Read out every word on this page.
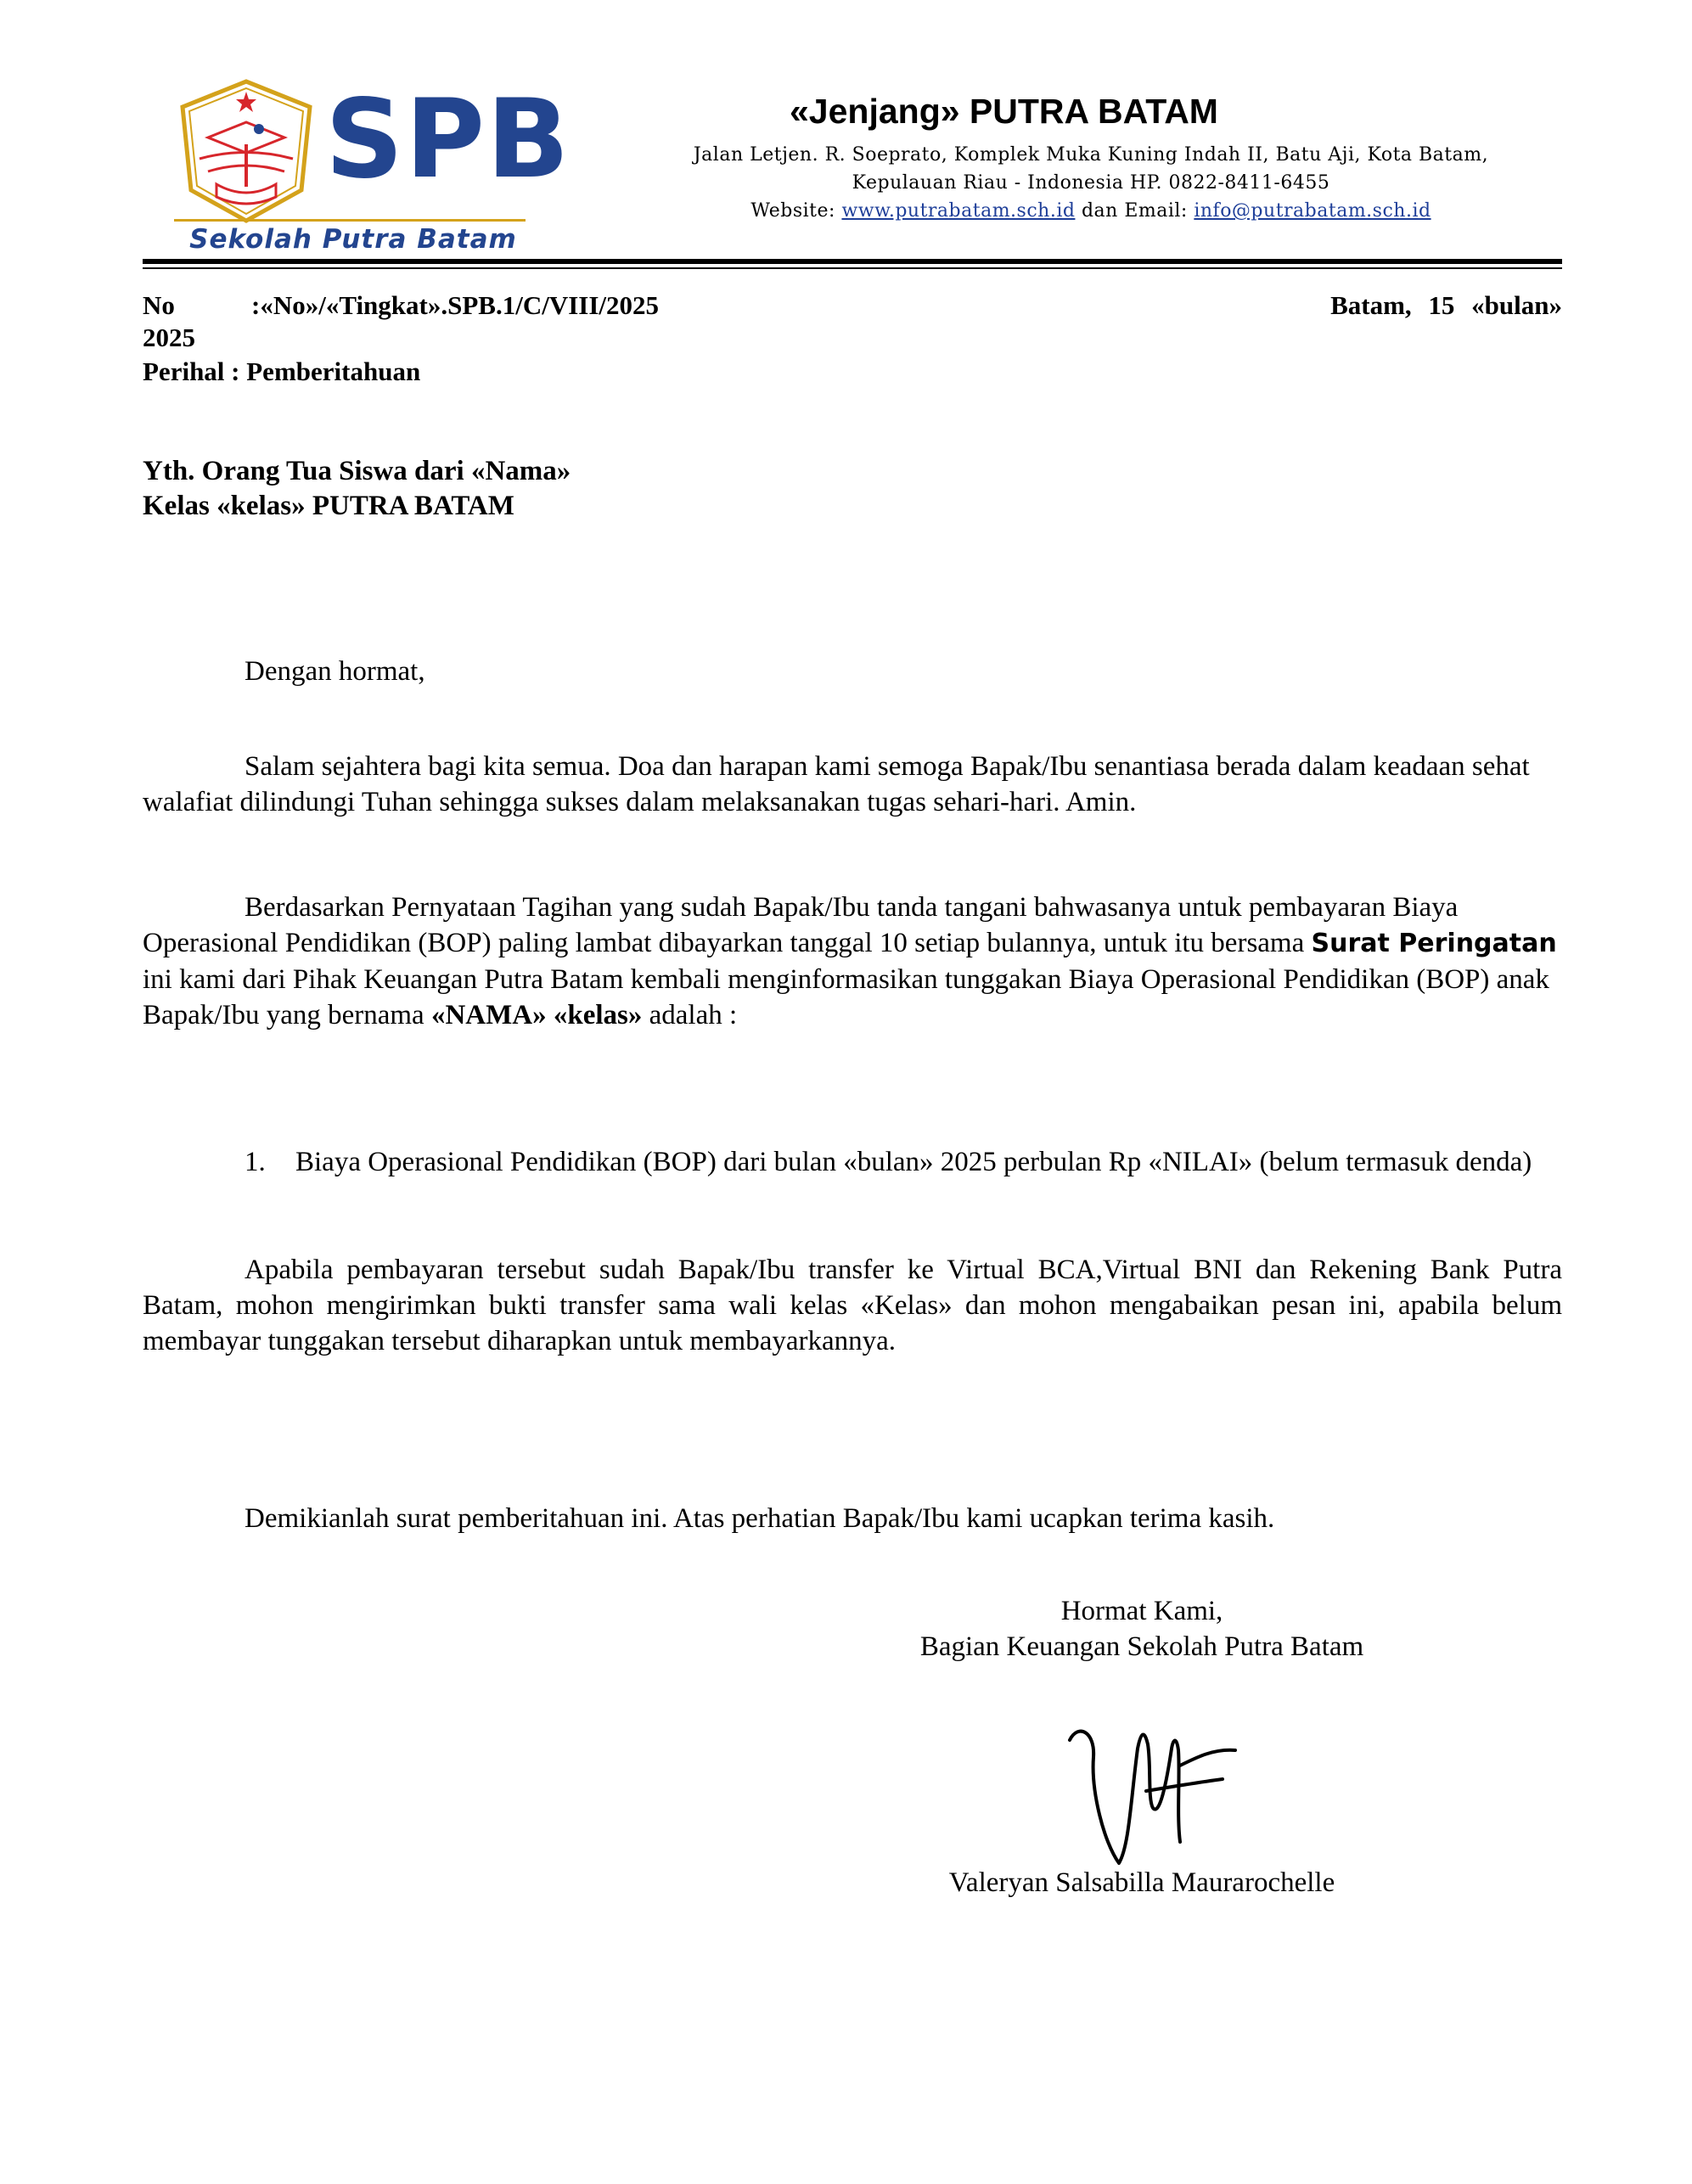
SPB
Sekolah Putra Batam
«Jenjang» PUTRA BATAM
Jalan Letjen. R. Soeprato, Komplek Muka Kuning Indah II, Batu Aji, Kota Batam,
Kepulauan Riau - Indonesia HP. 0822-8411-6455
Website: www.putrabatam.sch.id dan Email: info@putrabatam.sch.id
No	:«No»/«Tingkat».SPB.1/C/VIII/2025	Batam, 15 «bulan»
2025
Perihal : Pemberitahuan
Yth. Orang Tua Siswa dari «Nama»
Kelas «kelas» PUTRA BATAM

Dengan hormat,

Salam sejahtera bagi kita semua. Doa dan harapan kami semoga Bapak/Ibu senantiasa berada dalam keadaan sehat walafiat dilindungi Tuhan sehingga sukses dalam melaksanakan tugas sehari-hari. Amin.

Berdasarkan Pernyataan Tagihan yang sudah Bapak/Ibu tanda tangani bahwasanya untuk pembayaran Biaya Operasional Pendidikan (BOP) paling lambat dibayarkan tanggal 10 setiap bulannya, untuk itu bersama Surat Peringatan ini kami dari Pihak Keuangan Putra Batam kembali menginformasikan tunggakan Biaya Operasional Pendidikan (BOP) anak Bapak/Ibu yang bernama «NAMA» «kelas» adalah :

1. Biaya Operasional Pendidikan (BOP) dari bulan «bulan» 2025 perbulan Rp «NILAI» (belum termasuk denda)

Apabila pembayaran tersebut sudah Bapak/Ibu transfer ke Virtual BCA,Virtual BNI dan Rekening Bank Putra Batam, mohon mengirimkan bukti transfer sama wali kelas «Kelas» dan mohon mengabaikan pesan ini, apabila belum membayar tunggakan tersebut diharapkan untuk membayarkannya.

Demikianlah surat pemberitahuan ini. Atas perhatian Bapak/Ibu kami ucapkan terima kasih.

Hormat Kami,
Bagian Keuangan Sekolah Putra Batam
Valeryan Salsabilla Maurarochelle
